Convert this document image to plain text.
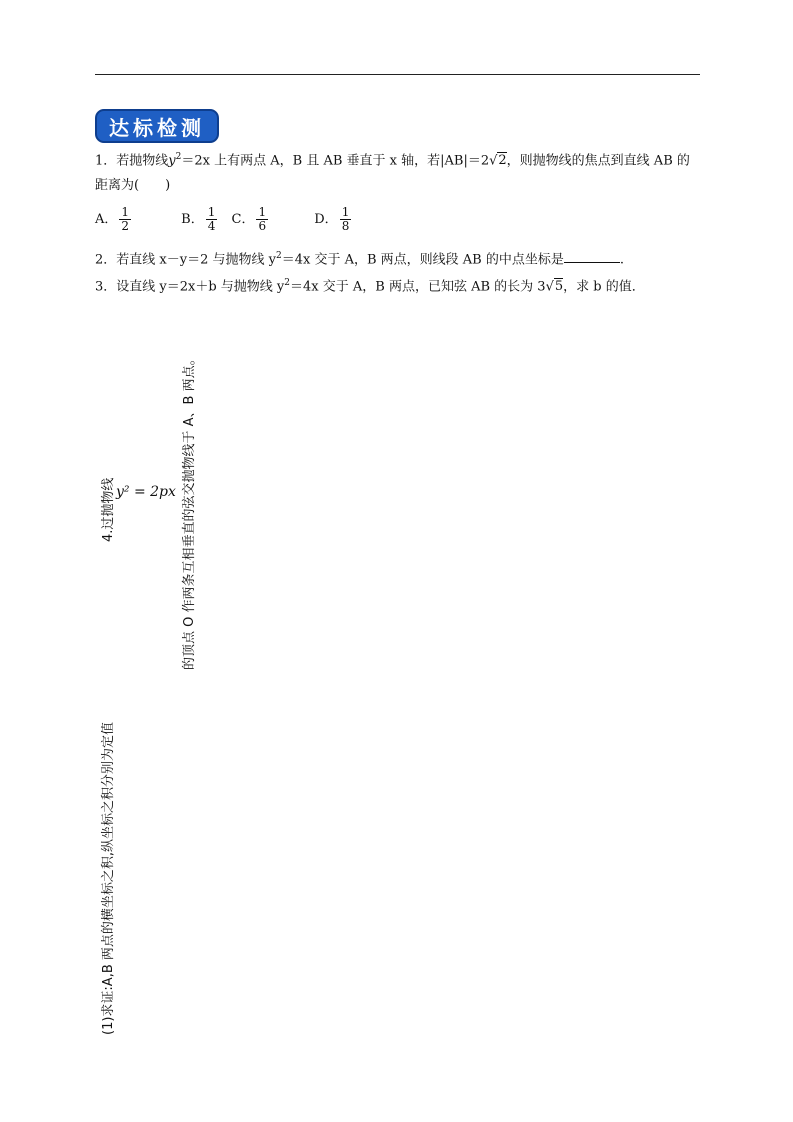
达标检测
1．若抛物线$y^2=2x$ 上有两点 A，B 且 AB 垂直于 x 轴，若|AB|＝2√2，则抛物线的焦点到直线 AB 的
距离为(　　)
A． $\frac{1}{2}$	B． $\frac{1}{4}$ C． $\frac{1}{6}$	D． $\frac{1}{8}$
2．若直线 x－y＝2 与抛物线 $y^2=4x$ 交于 A，B 两点，则线段 AB 的中点坐标是	.
3．设直线 y＝2x＋b 与抛物线 $y^2=4x$ 交于 A，B 两点，已知弦 AB 的长为 3√5，求 b 的值．
4.过抛物线 y² = 2px 的顶点 O 作两条互相垂直的弦交抛物线于 A、B 两点。
(1)求证:A,B 两点的横坐标之积,纵坐标之积分别为定值
